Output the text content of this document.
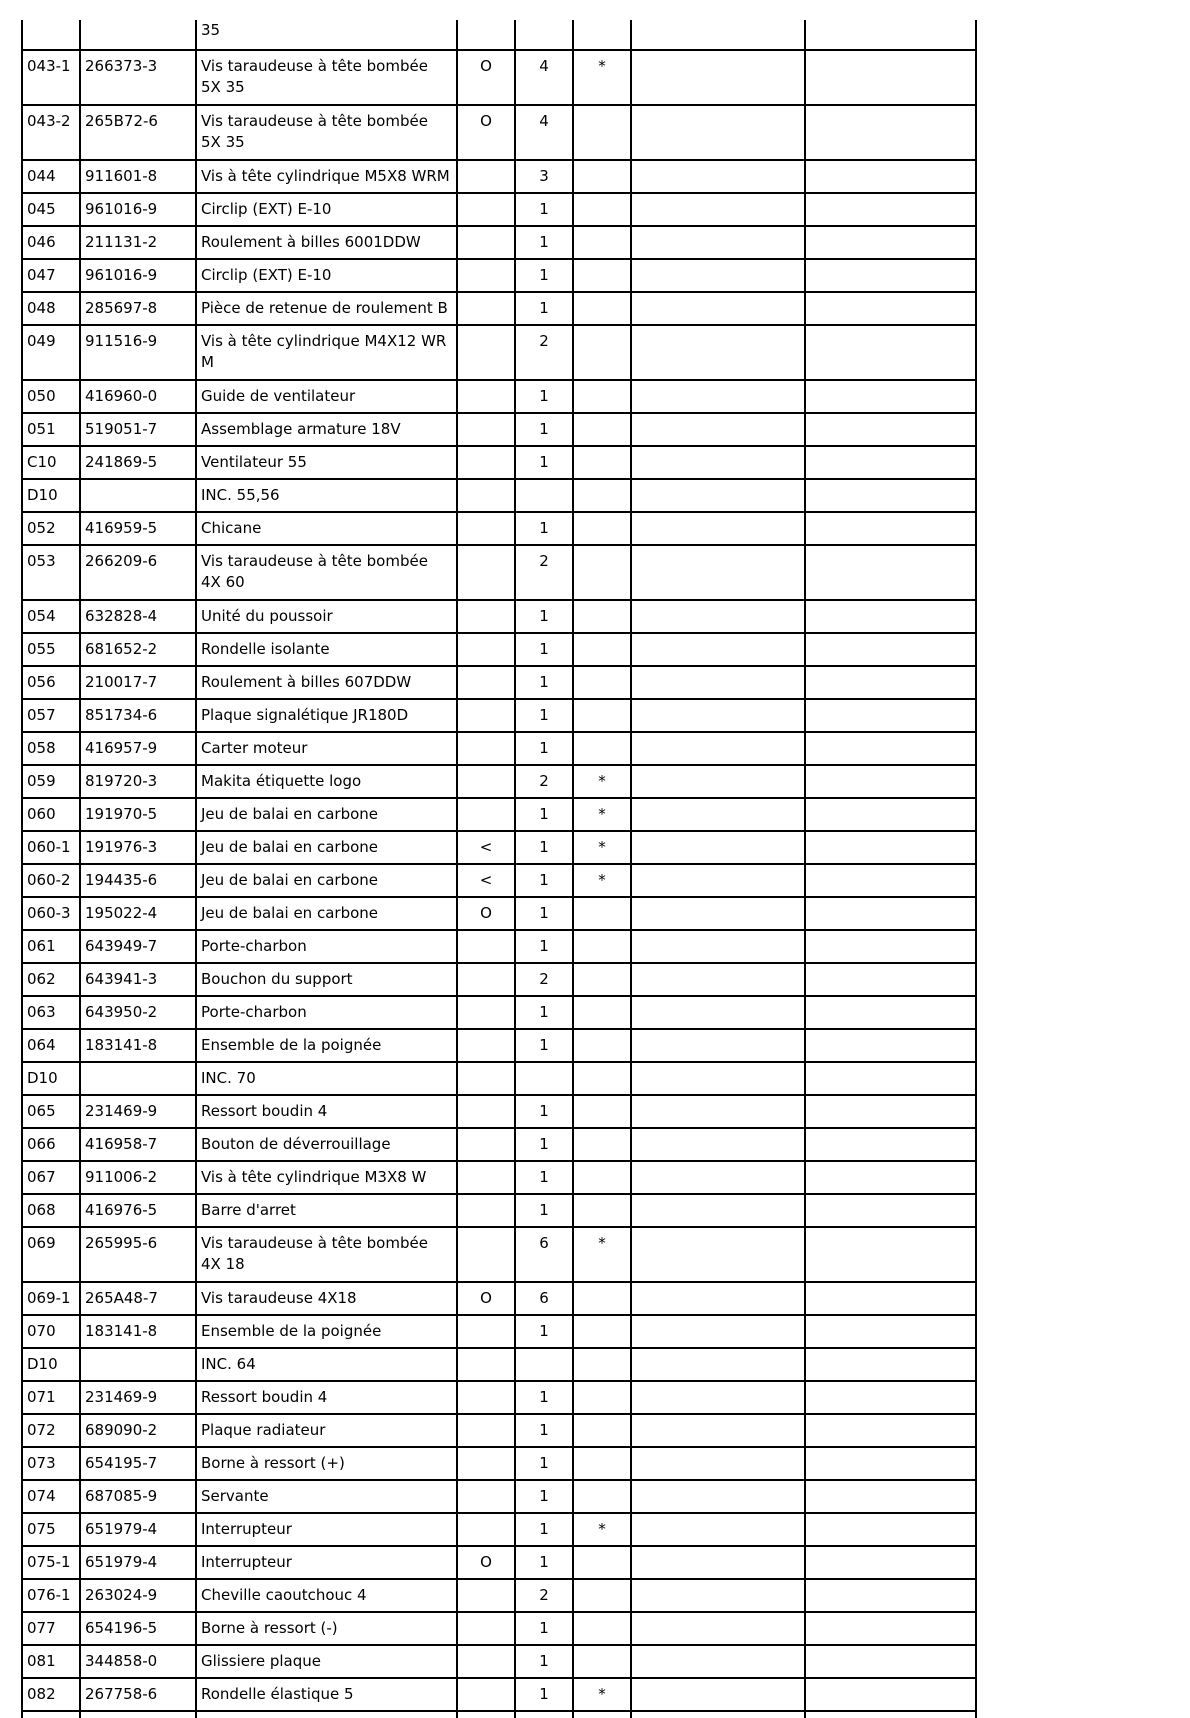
		35					
043-1	266373-3	Vis taraudeuse à tête bombée 5X 35	O	4	*		
043-2	265B72-6	Vis taraudeuse à tête bombée 5X 35	O	4			
044	911601-8	Vis à tête cylindrique M5X8 WRM		3			
045	961016-9	Circlip (EXT) E-10		1			
046	211131-2	Roulement à billes 6001DDW		1			
047	961016-9	Circlip (EXT) E-10		1			
048	285697-8	Pièce de retenue de roulement B		1			
049	911516-9	Vis à tête cylindrique M4X12 WR M		2			
050	416960-0	Guide de ventilateur		1			
051	519051-7	Assemblage armature 18V		1			
C10	241869-5	Ventilateur 55		1			
D10		INC. 55,56					
052	416959-5	Chicane		1			
053	266209-6	Vis taraudeuse à tête bombée 4X 60		2			
054	632828-4	Unité du poussoir		1			
055	681652-2	Rondelle isolante		1			
056	210017-7	Roulement à billes 607DDW		1			
057	851734-6	Plaque signalétique JR180D		1			
058	416957-9	Carter moteur		1			
059	819720-3	Makita étiquette logo		2	*		
060	191970-5	Jeu de balai en carbone		1	*		
060-1	191976-3	Jeu de balai en carbone	<	1	*		
060-2	194435-6	Jeu de balai en carbone	<	1	*		
060-3	195022-4	Jeu de balai en carbone	O	1			
061	643949-7	Porte-charbon		1			
062	643941-3	Bouchon du support		2			
063	643950-2	Porte-charbon		1			
064	183141-8	Ensemble de la poignée		1			
D10		INC. 70					
065	231469-9	Ressort boudin 4		1			
066	416958-7	Bouton de déverrouillage		1			
067	911006-2	Vis à tête cylindrique M3X8 W		1			
068	416976-5	Barre d'arret		1			
069	265995-6	Vis taraudeuse à tête bombée 4X 18		6	*		
069-1	265A48-7	Vis taraudeuse 4X18	O	6			
070	183141-8	Ensemble de la poignée		1			
D10		INC. 64					
071	231469-9	Ressort boudin 4		1			
072	689090-2	Plaque radiateur		1			
073	654195-7	Borne à ressort (+)		1			
074	687085-9	Servante		1			
075	651979-4	Interrupteur		1	*		
075-1	651979-4	Interrupteur	O	1			
076-1	263024-9	Cheville caoutchouc 4		2			
077	654196-5	Borne à ressort (-)		1			
081	344858-0	Glissiere plaque		1			
082	267758-6	Rondelle élastique 5		1	*		
